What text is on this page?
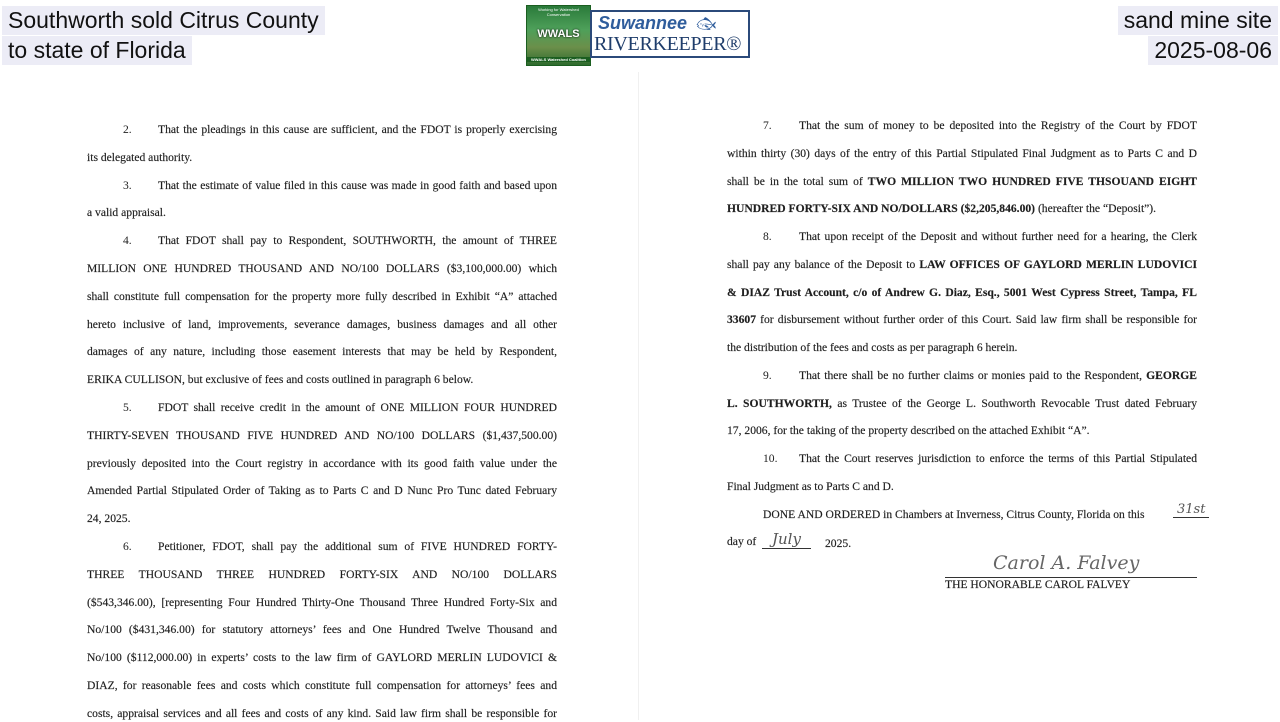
Southworth sold Citrus County
to state of Florida
sand mine site
2025-08-06
Working for Watershed Conservation
WWALS
WWALS Watershed Coalition
Suwannee 🐟︎
RIVERKEEPER®
2. That the pleadings in this cause are sufficient, and the FDOT is properly exercising
its delegated authority.
3. That the estimate of value filed in this cause was made in good faith and based upon
a valid appraisal.
4. That FDOT shall pay to Respondent, SOUTHWORTH, the amount of THREE
MILLION ONE HUNDRED THOUSAND AND NO/100 DOLLARS ($3,100,000.00) which
shall constitute full compensation for the property more fully described in Exhibit “A” attached
hereto inclusive of land, improvements, severance damages, business damages and all other
damages of any nature, including those easement interests that may be held by Respondent,
ERIKA CULLISON, but exclusive of fees and costs outlined in paragraph 6 below.
5. FDOT shall receive credit in the amount of ONE MILLION FOUR HUNDRED
THIRTY-SEVEN THOUSAND FIVE HUNDRED AND NO/100 DOLLARS ($1,437,500.00)
previously deposited into the Court registry in accordance with its good faith value under the
Amended Partial Stipulated Order of Taking as to Parts C and D Nunc Pro Tunc dated February
24, 2025.
6. Petitioner, FDOT, shall pay the additional sum of FIVE HUNDRED FORTY-
THREE THOUSAND THREE HUNDRED FORTY-SIX AND NO/100 DOLLARS
($543,346.00), [representing Four Hundred Thirty-One Thousand Three Hundred Forty-Six and
No/100 ($431,346.00) for statutory attorneys’ fees and One Hundred Twelve Thousand and
No/100 ($112,000.00) in experts’ costs to the law firm of GAYLORD MERLIN LUDOVICI &
DIAZ, for reasonable fees and costs which constitute full compensation for attorneys’ fees and
costs, appraisal services and all fees and costs of any kind. Said law firm shall be responsible for
2025.
31st
July
Carol A. Falvey
THE HONORABLE CAROL FALVEY
7. That the sum of money to be deposited into the Registry of the Court by FDOT
within thirty (30) days of the entry of this Partial Stipulated Final Judgment as to Parts C and D
shall be in the total sum of TWO MILLION TWO HUNDRED FIVE THSOUAND EIGHT
HUNDRED FORTY-SIX AND NO/DOLLARS ($2,205,846.00) (hereafter the “Deposit”).
8. That upon receipt of the Deposit and without further need for a hearing, the Clerk
shall pay any balance of the Deposit to LAW OFFICES OF GAYLORD MERLIN LUDOVICI
& DIAZ Trust Account, c/o of Andrew G. Diaz, Esq., 5001 West Cypress Street, Tampa, FL
33607 for disbursement without further order of this Court. Said law firm shall be responsible for
the distribution of the fees and costs as per paragraph 6 herein.
9. That there shall be no further claims or monies paid to the Respondent, GEORGE
L. SOUTHWORTH, as Trustee of the George L. Southworth Revocable Trust dated February
17, 2006, for the taking of the property described on the attached Exhibit “A”.
10. That the Court reserves jurisdiction to enforce the terms of this Partial Stipulated
Final Judgment as to Parts C and D.
DONE AND ORDERED in Chambers at Inverness, Citrus County, Florida on this
day of
